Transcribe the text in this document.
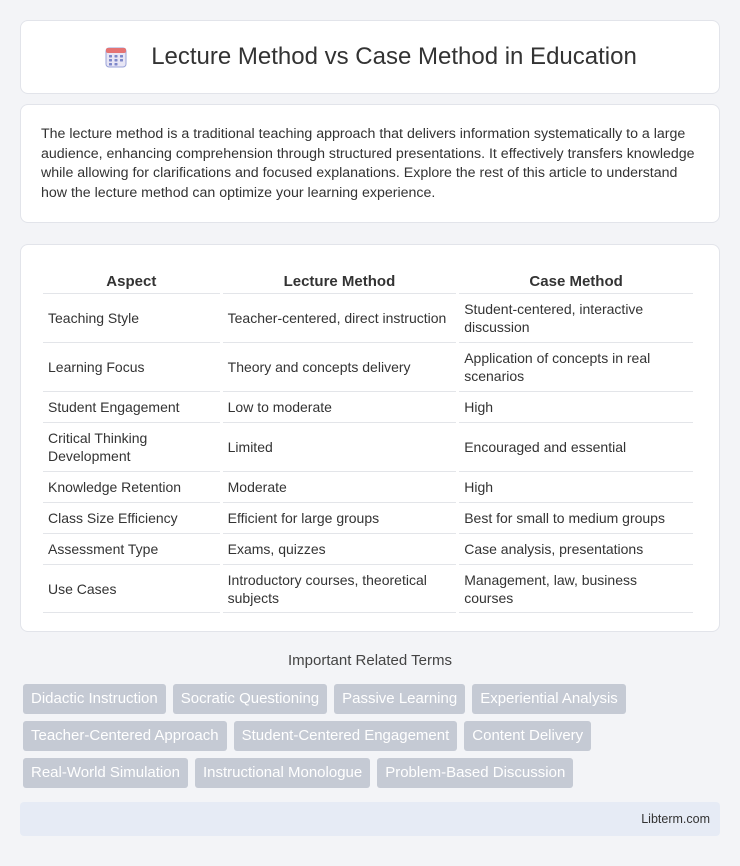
Lecture Method vs Case Method in Education

The lecture method is a traditional teaching approach that delivers information systematically to a large audience, enhancing comprehension through structured presentations. It effectively transfers knowledge while allowing for clarifications and focused explanations. Explore the rest of this article to understand how the lecture method can optimize your learning experience.

Aspect	Lecture Method	Case Method
Teaching Style	Teacher-centered, direct instruction	Student-centered, interactive discussion
Learning Focus	Theory and concepts delivery	Application of concepts in real scenarios
Student Engagement	Low to moderate	High
Critical Thinking Development	Limited	Encouraged and essential
Knowledge Retention	Moderate	High
Class Size Efficiency	Efficient for large groups	Best for small to medium groups
Assessment Type	Exams, quizzes	Case analysis, presentations
Use Cases	Introductory courses, theoretical subjects	Management, law, business courses
Important Related Terms
Didactic Instruction	Socratic Questioning	Passive Learning	Experiential Analysis
Teacher-Centered Approach	Student-Centered Engagement	Content Delivery
Real-World Simulation	Instructional Monologue	Problem-Based Discussion
Libterm.com
